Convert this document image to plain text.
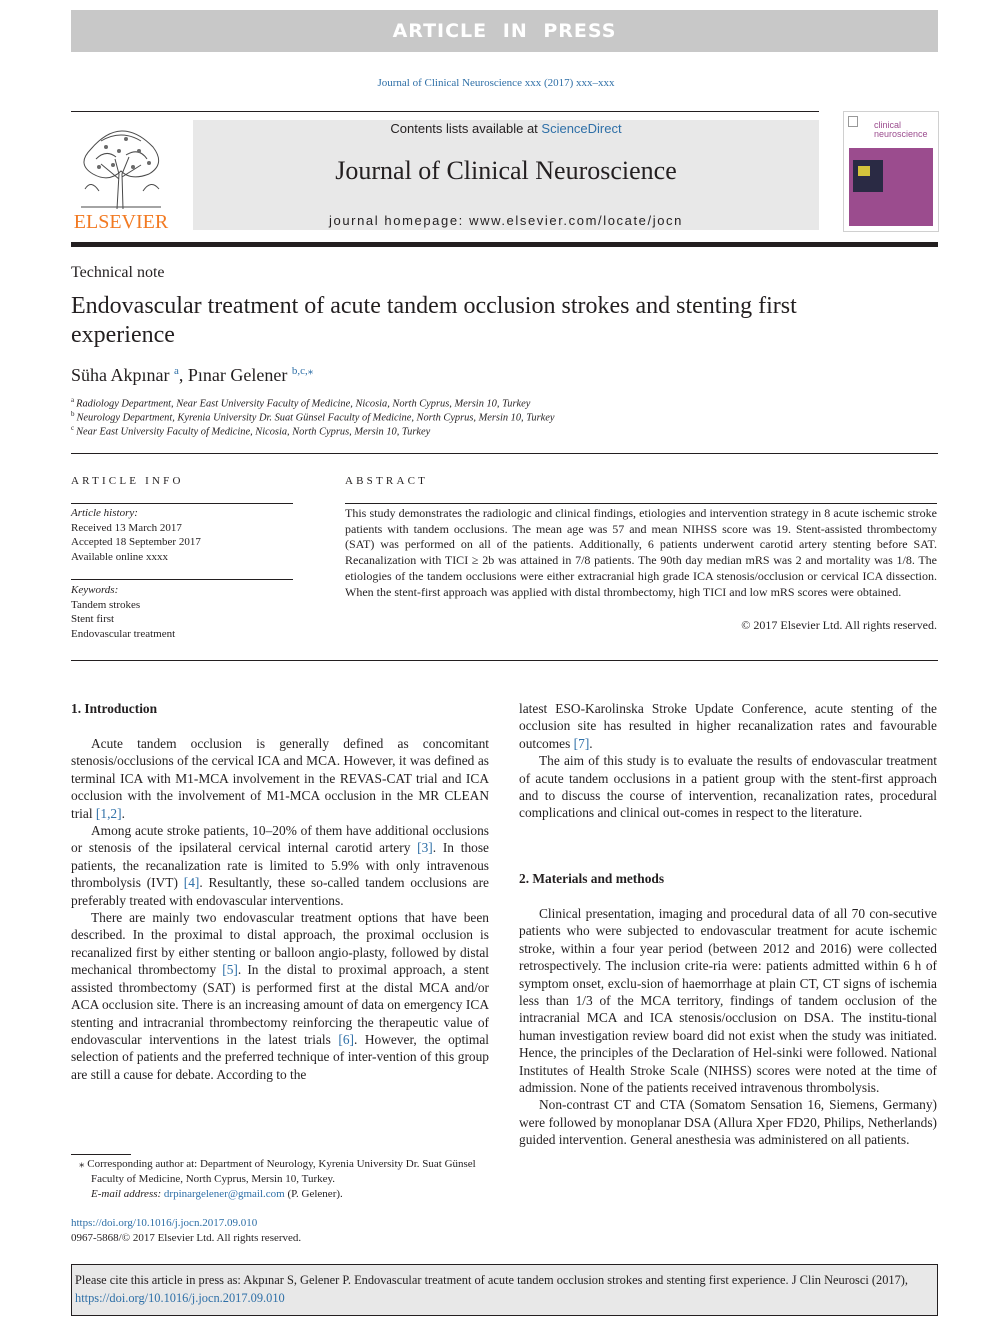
ARTICLE IN PRESS
Journal of Clinical Neuroscience xxx (2017) xxx–xxx
ELSEVIER
Contents lists available at ScienceDirect
Journal of Clinical Neuroscience
journal homepage: www.elsevier.com/locate/jocn
clinical
neuroscience
Technical note
Endovascular treatment of acute tandem occlusion strokes and stenting first experience
Süha Akpınar $^a$, Pınar Gelener $^{b,c,⁎}$
$^a$ Radiology Department, Near East University Faculty of Medicine, Nicosia, North Cyprus, Mersin 10, Turkey
$^b$ Neurology Department, Kyrenia University Dr. Suat Günsel Faculty of Medicine, North Cyprus, Mersin 10, Turkey
$^c$ Near East University Faculty of Medicine, Nicosia, North Cyprus, Mersin 10, Turkey
ARTICLE INFO
Article history:
Received 13 March 2017
Accepted 18 September 2017
Available online xxxx
Keywords:
Tandem strokes
Stent first
Endovascular treatment
ABSTRACT
This study demonstrates the radiologic and clinical findings, etiologies and intervention strategy in 8 acute ischemic stroke patients with tandem occlusions. The mean age was 57 and mean NIHSS score was 19. Stent-assisted thrombectomy (SAT) was performed on all of the patients. Additionally, 6 patients underwent carotid artery stenting before SAT. Recanalization with TICI ≥ 2b was attained in 7/8 patients. The 90th day median mRS was 2 and mortality was 1/8. The etiologies of the tandem occlusions were either extracranial high grade ICA stenosis/occlusion or cervical ICA dissection. When the stent-first approach was applied with distal thrombectomy, high TICI and low mRS scores were obtained.
© 2017 Elsevier Ltd. All rights reserved.
1. Introduction

Acute tandem occlusion is generally defined as concomitant stenosis/occlusions of the cervical ICA and MCA. However, it was defined as terminal ICA with M1-MCA involvement in the REVAS-CAT trial and ICA occlusion with the involvement of M1-MCA occlusion in the MR CLEAN trial [1,2].

Among acute stroke patients, 10–20% of them have additional occlusions or stenosis of the ipsilateral cervical internal carotid artery [3]. In those patients, the recanalization rate is limited to 5.9% with only intravenous thrombolysis (IVT) [4]. Resultantly, these so-called tandem occlusions are preferably treated with endovascular interventions.

There are mainly two endovascular treatment options that have been described. In the proximal to distal approach, the proximal occlusion is recanalized first by either stenting or balloon angio-plasty, followed by distal mechanical thrombectomy [5]. In the distal to proximal approach, a stent assisted thrombectomy (SAT) is performed first at the distal MCA and/or ACA occlusion site. There is an increasing amount of data on emergency ICA stenting and intracranial thrombectomy reinforcing the therapeutic value of endovascular interventions in the latest trials [6]. However, the optimal selection of patients and the preferred technique of inter-vention of this group are still a cause for debate. According to the

⁎ Corresponding author at: Department of Neurology, Kyrenia University Dr. Suat Günsel Faculty of Medicine, North Cyprus, Mersin 10, Turkey.
E-mail address: drpinargelener@gmail.com (P. Gelener).
https://doi.org/10.1016/j.jocn.2017.09.010
0967-5868/© 2017 Elsevier Ltd. All rights reserved.

latest ESO-Karolinska Stroke Update Conference, acute stenting of the occlusion site has resulted in higher recanalization rates and favourable outcomes [7].

The aim of this study is to evaluate the results of endovascular treatment of acute tandem occlusions in a patient group with the stent-first approach and to discuss the course of intervention, recanalization rates, procedural complications and clinical out-comes in respect to the literature.

2. Materials and methods

Clinical presentation, imaging and procedural data of all 70 con-secutive patients who were subjected to endovascular treatment for acute ischemic stroke, within a four year period (between 2012 and 2016) were collected retrospectively. The inclusion crite-ria were: patients admitted within 6 h of symptom onset, exclu-sion of haemorrhage at plain CT, CT signs of ischemia less than 1/3 of the MCA territory, findings of tandem occlusion of the intracranial MCA and ICA stenosis/occlusion on DSA. The institu-tional human investigation review board did not exist when the study was initiated. Hence, the principles of the Declaration of Hel-sinki were followed. National Institutes of Health Stroke Scale (NIHSS) scores were noted at the time of admission. None of the patients received intravenous thrombolysis.

Non-contrast CT and CTA (Somatom Sensation 16, Siemens, Germany) were followed by monoplanar DSA (Allura Xper FD20, Philips, Netherlands) guided intervention. General anesthesia was administered on all patients.

Please cite this article in press as: Akpınar S, Gelener P. Endovascular treatment of acute tandem occlusion strokes and stenting first experience. J Clin Neurosci (2017), https://doi.org/10.1016/j.jocn.2017.09.010
